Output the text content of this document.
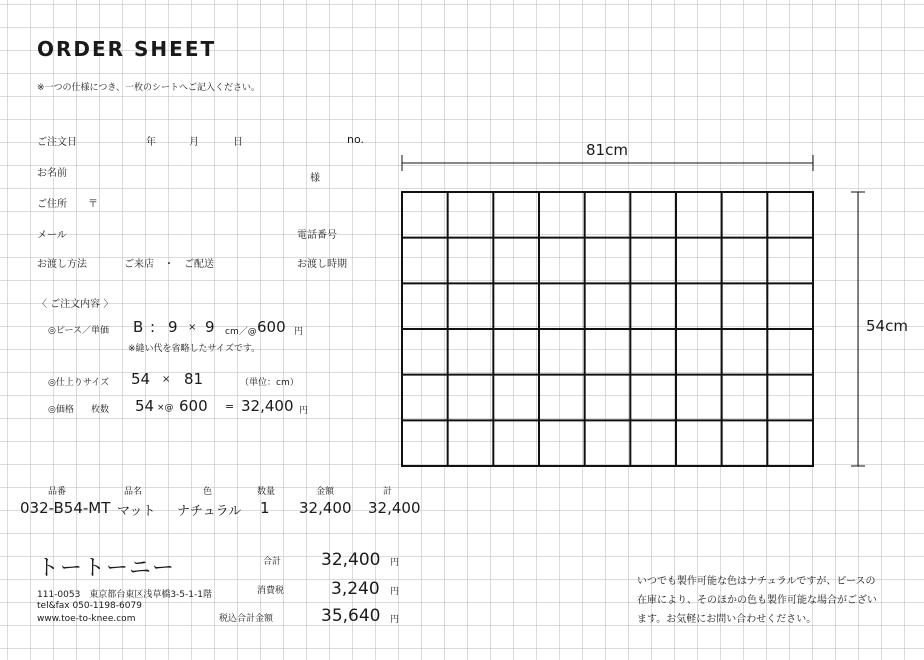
ORDER SHEET
※一つの仕様につき、一枚のシートへご記入ください。
ご注文日	年	月	日	no.
お名前	様
ご住所 〒
メール	電話番号
お渡し方法	ご来店　・　ご配送	お渡し時期
〈 ご注文内容 〉
◎ピース／単価 B : 9 × 9 cm／@ 600 円
※縫い代を省略したサイズです。
◎仕上りサイズ 54 × 81	（単位：cm）
◎価格 枚数 54 ×@ 600 = 32,400 円
品番	品名	色	数量	金額	計
032-B54-MT マット ナチュラル 1 32,400 32,400
トートーニー
111-0053　東京都台東区浅草橋3-5-1-1階
tel&fax 050-1198-6079
www.toe-to-knee.com
合計 32,400 円
消費税	3,240 円
税込合計金額	35,640 円
いつでも製作可能な色はナチュラルですが、ピースの
在庫により、そのほかの色も製作可能な場合がござい
ます。お気軽にお問い合わせください。
81cm
54cm
